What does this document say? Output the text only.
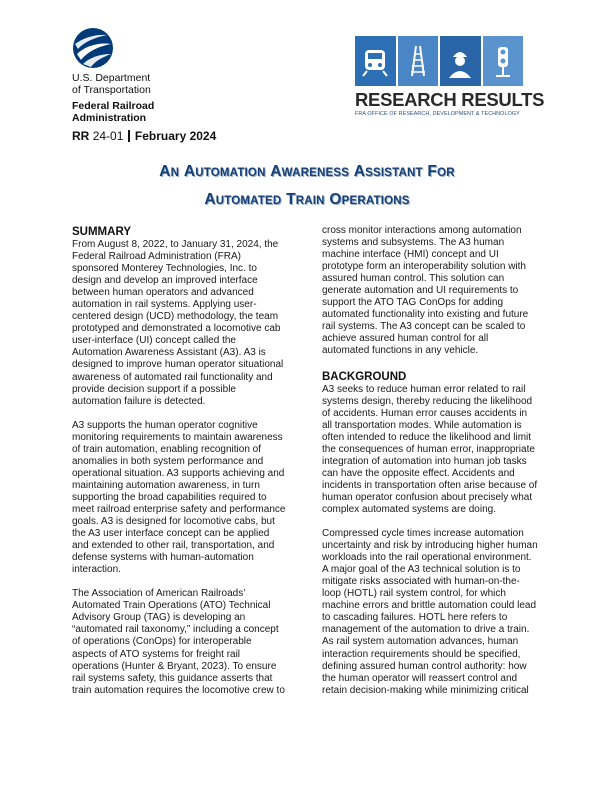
U.S. Department
of Transportation
Federal Railroad
Administration
RESEARCH RESULTS
FRA OFFICE OF RESEARCH, DEVELOPMENT & TECHNOLOGY
RR 24-01 February 2024
AN AUTOMATION AWARENESS ASSISTANT FOR
AUTOMATED TRAIN OPERATIONS
SUMMARY
From August 8, 2022, to January 31, 2024, the
Federal Railroad Administration (FRA)
sponsored Monterey Technologies, Inc. to
design and develop an improved interface
between human operators and advanced
automation in rail systems. Applying user-
centered design (UCD) methodology, the team
prototyped and demonstrated a locomotive cab
user-interface (UI) concept called the
Automation Awareness Assistant (A3). A3 is
designed to improve human operator situational
awareness of automated rail functionality and
provide decision support if a possible
automation failure is detected.
A3 supports the human operator cognitive
monitoring requirements to maintain awareness
of train automation, enabling recognition of
anomalies in both system performance and
operational situation. A3 supports achieving and
maintaining automation awareness, in turn
supporting the broad capabilities required to
meet railroad enterprise safety and performance
goals. A3 is designed for locomotive cabs, but
the A3 user interface concept can be applied
and extended to other rail, transportation, and
defense systems with human-automation
interaction.
The Association of American Railroads’
Automated Train Operations (ATO) Technical
Advisory Group (TAG) is developing an
“automated rail taxonomy,” including a concept
of operations (ConOps) for interoperable
aspects of ATO systems for freight rail
operations (Hunter & Bryant, 2023). To ensure
rail systems safety, this guidance asserts that
train automation requires the locomotive crew to
cross monitor interactions among automation
systems and subsystems. The A3 human
machine interface (HMI) concept and UI
prototype form an interoperability solution with
assured human control. This solution can
generate automation and UI requirements to
support the ATO TAG ConOps for adding
automated functionality into existing and future
rail systems. The A3 concept can be scaled to
achieve assured human control for all
automated functions in any vehicle.
BACKGROUND
A3 seeks to reduce human error related to rail
systems design, thereby reducing the likelihood
of accidents. Human error causes accidents in
all transportation modes. While automation is
often intended to reduce the likelihood and limit
the consequences of human error, inappropriate
integration of automation into human job tasks
can have the opposite effect. Accidents and
incidents in transportation often arise because of
human operator confusion about precisely what
complex automated systems are doing.
Compressed cycle times increase automation
uncertainty and risk by introducing higher human
workloads into the rail operational environment.
A major goal of the A3 technical solution is to
mitigate risks associated with human-on-the-
loop (HOTL) rail system control, for which
machine errors and brittle automation could lead
to cascading failures. HOTL here refers to
management of the automation to drive a train.
As rail system automation advances, human
interaction requirements should be specified,
defining assured human control authority: how
the human operator will reassert control and
retain decision-making while minimizing critical
